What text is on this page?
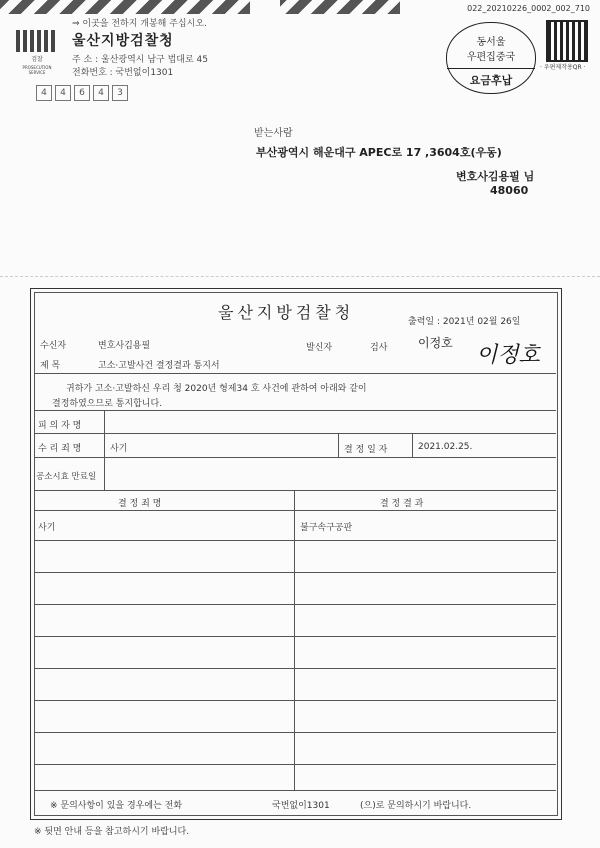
022_20210226_0002_002_710
⇒ 이곳을 전하지 개봉해 주십시오.
검찰
PROSECUTION SERVICE
울산지방검찰청
주 소 : 울산광역시 남구 법대로 45
전화번호 : 국번없이1301
4 4 6 4 3
동서울
우편집중국
요금후납
· 우편제작용QR ·
받는사람
부산광역시 해운대구 APEC로 17 ,3604호(우동)
변호사김용필 님
48060
울산지방검찰청	출력일 : 2021년 02월 26일
수신자	변호사김용필	발신자	검사	이정호 이정호
제 목	고소·고발사건 결정결과 통지서
귀하가 고소·고발하신 우리 청 2020년 형제34 호 사건에 관하여 아래와 같이
결정하였으므로 통지합니다.
피 의 자 명
수 리 죄 명	사기	결 정 일 자	2021.02.25.
공소시효 만료일
결 정 죄 명	결 정 결 과
사기	불구속구공판
※ 문의사항이 있을 경우에는 전화	국번없이1301	(으)로 문의하시기 바랍니다.
※ 뒷면 안내 등을 참고하시기 바랍니다.
